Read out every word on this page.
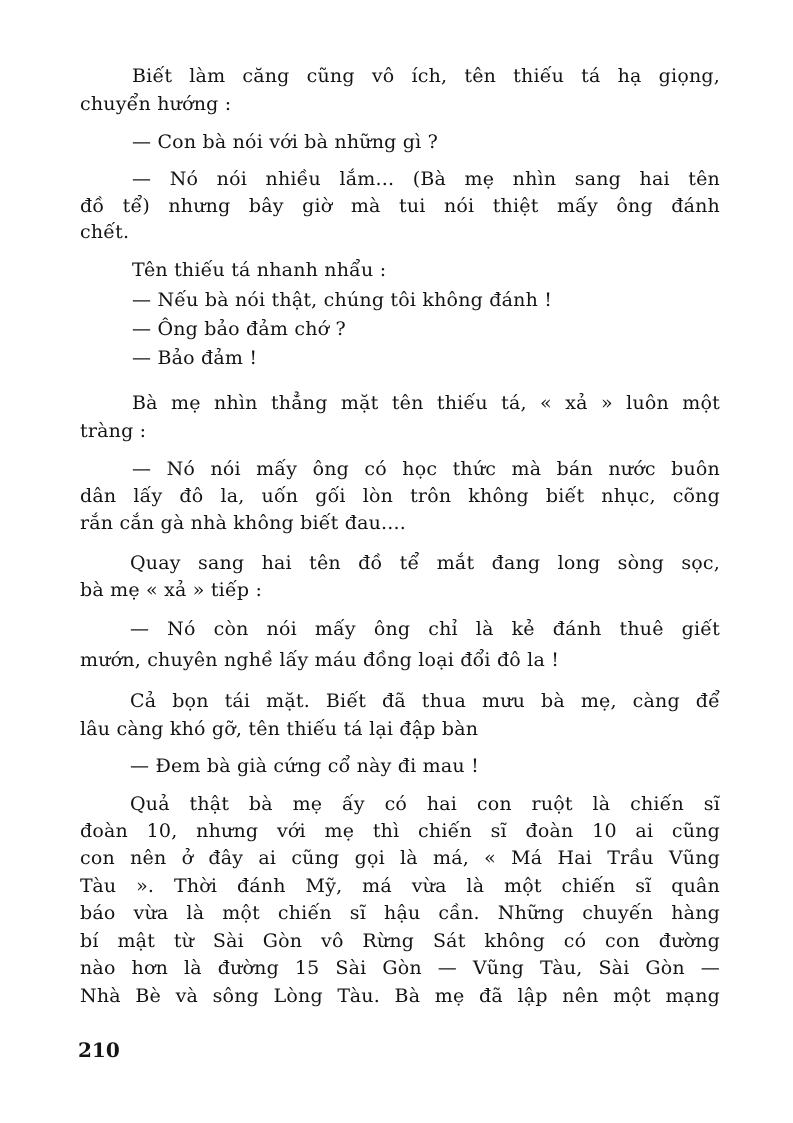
Biết làm căng cũng vô ích, tên thiếu tá hạ giọng,
chuyển hướng :
— Con bà nói với bà những gì ?
— Nó nói nhiều lắm... (Bà mẹ nhìn sang hai tên
đồ tể) nhưng bây giờ mà tui nói thiệt mấy ông đánh
chết.
Tên thiếu tá nhanh nhẩu :
— Nếu bà nói thật, chúng tôi không đánh !
— Ông bảo đảm chớ ?
— Bảo đảm !
Bà mẹ nhìn thẳng mặt tên thiếu tá, « xả » luôn một
tràng :
— Nó nói mấy ông có học thức mà bán nước buôn
dân lấy đô la, uốn gối lòn trôn không biết nhục, cõng
rắn cắn gà nhà không biết đau....
Quay sang hai tên đồ tể mắt đang long sòng sọc,
bà mẹ « xả » tiếp :
— Nó còn nói mấy ông chỉ là kẻ đánh thuê giết
mướn, chuyên nghề lấy máu đồng loại đổi đô la !
Cả bọn tái mặt. Biết đã thua mưu bà mẹ, càng để
lâu càng khó gỡ, tên thiếu tá lại đập bàn
— Đem bà già cứng cổ này đi mau !
Quả thật bà mẹ ấy có hai con ruột là chiến sĩ
đoàn 10, nhưng với mẹ thì chiến sĩ đoàn 10 ai cũng
con nên ở đây ai cũng gọi là má, « Má Hai Trầu Vũng
Tàu ». Thời đánh Mỹ, má vừa là một chiến sĩ quân
báo vừa là một chiến sĩ hậu cần. Những chuyến hàng
bí mật từ Sài Gòn vô Rừng Sát không có con đường
nào hơn là đường 15 Sài Gòn — Vũng Tàu, Sài Gòn —
Nhà Bè và sông Lòng Tàu. Bà mẹ đã lập nên một mạng
210
